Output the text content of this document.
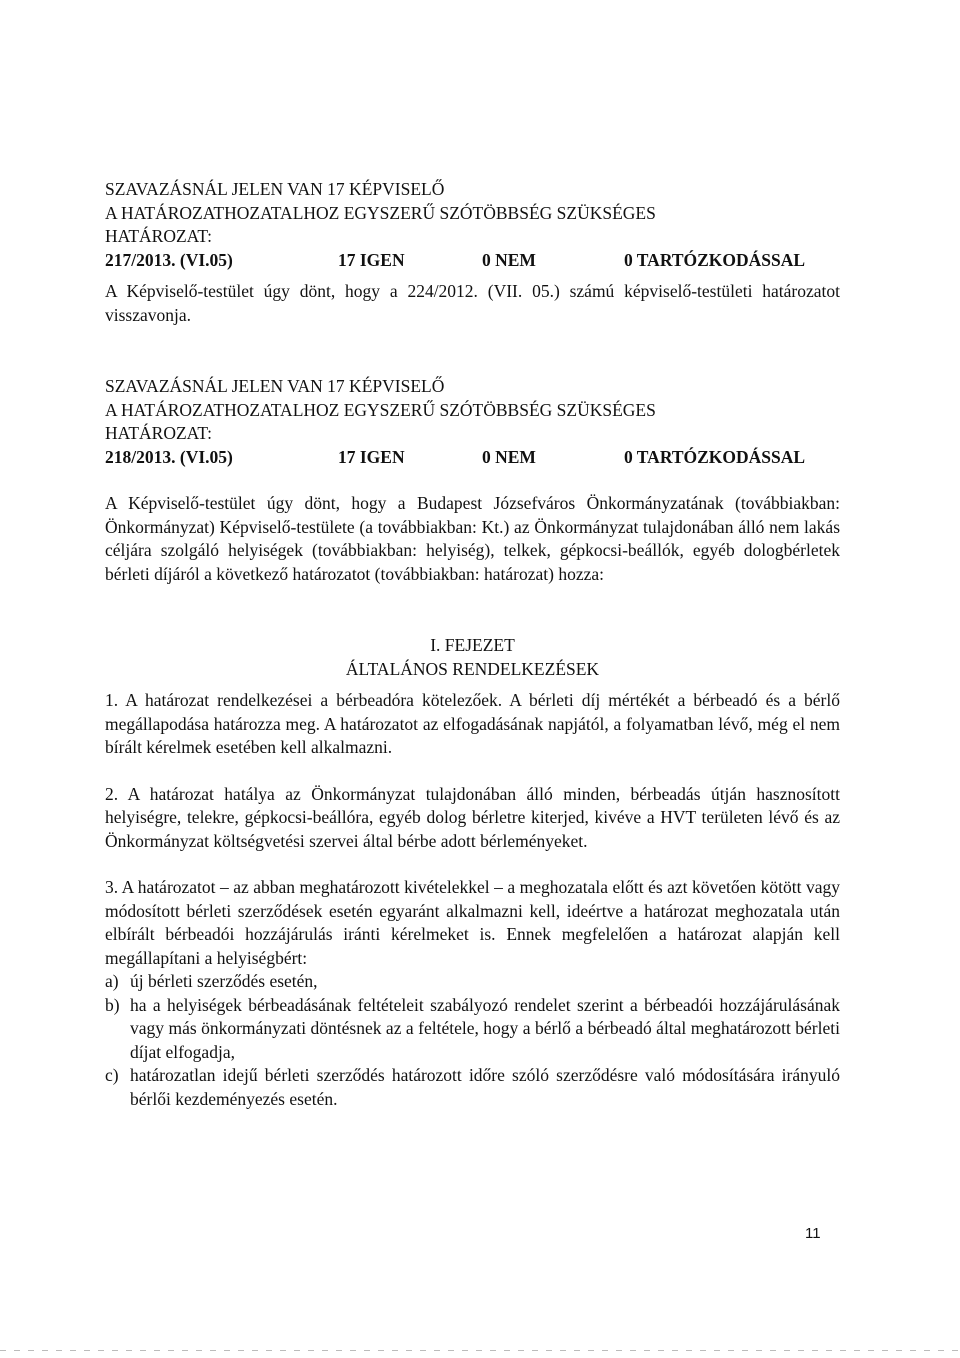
SZAVAZÁSNÁL JELEN VAN 17 KÉPVISELŐ
A HATÁROZATHOZATALHOZ EGYSZERŰ SZÓTÖBBSÉG SZÜKSÉGES
HATÁROZAT:
217/2013. (VI.05)	17 IGEN	0 NEM	0 TARTÓZKODÁSSAL
A Képviselő-testület úgy dönt, hogy a 224/2012. (VII. 05.) számú képviselő-testületi határozatot visszavonja.
SZAVAZÁSNÁL JELEN VAN 17 KÉPVISELŐ
A HATÁROZATHOZATALHOZ EGYSZERŰ SZÓTÖBBSÉG SZÜKSÉGES
HATÁROZAT:
218/2013. (VI.05)	17 IGEN	0 NEM	0 TARTÓZKODÁSSAL
A Képviselő-testület úgy dönt, hogy a Budapest Józsefváros Önkormányzatának (továbbiakban: Önkormányzat) Képviselő-testülete (a továbbiakban: Kt.) az Önkormányzat tulajdonában álló nem lakás céljára szolgáló helyiségek (továbbiakban: helyiség), telkek, gépkocsi-beállók, egyéb dologbérletek bérleti díjáról a következő határozatot (továbbiakban: határozat) hozza:
I. FEJEZET
ÁLTALÁNOS RENDELKEZÉSEK
1. A határozat rendelkezései a bérbeadóra kötelezőek. A bérleti díj mértékét a bérbeadó és a bérlő megállapodása határozza meg. A határozatot az elfogadásának napjától, a folyamatban lévő, még el nem bírált kérelmek esetében kell alkalmazni.
2. A határozat hatálya az Önkormányzat tulajdonában álló minden, bérbeadás útján hasznosított helyiségre, telekre, gépkocsi-beállóra, egyéb dolog bérletre kiterjed, kivéve a HVT területen lévő és az Önkormányzat költségvetési szervei által bérbe adott bérleményeket.
3. A határozatot – az abban meghatározott kivételekkel – a meghozatala előtt és azt követően kötött vagy módosított bérleti szerződések esetén egyaránt alkalmazni kell, ideértve a határozat meghozatala után elbírált bérbeadói hozzájárulás iránti kérelmeket is. Ennek megfelelően a határozat alapján kell megállapítani a helyiségbért:
a) új bérleti szerződés esetén,
b) ha a helyiségek bérbeadásának feltételeit szabályozó rendelet szerint a bérbeadói hozzájárulásának vagy más önkormányzati döntésnek az a feltétele, hogy a bérlő a bérbeadó által meghatározott bérleti díjat elfogadja,
c) határozatlan idejű bérleti szerződés határozott időre szóló szerződésre való módosítására irányuló bérlői kezdeményezés esetén.
11
